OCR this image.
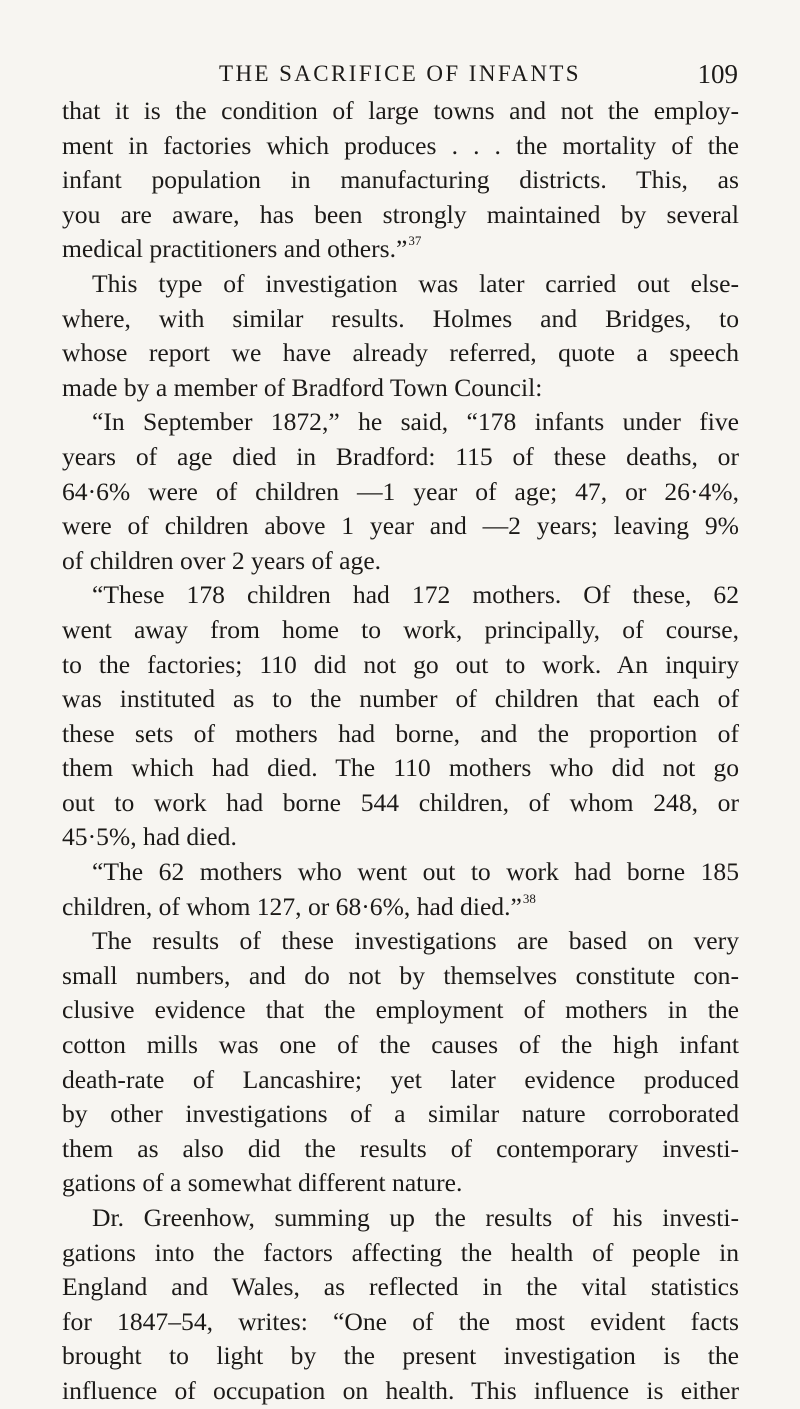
THE SACRIFICE OF INFANTS	109
that it is the condition of large towns and not the employ-
ment in factories which produces . . . the mortality of the
infant population in manufacturing districts. This, as
you are aware, has been strongly maintained by several
medical practitioners and others.”$^{37}$
This type of investigation was later carried out else-
where, with similar results. Holmes and Bridges, to
whose report we have already referred, quote a speech
made by a member of Bradford Town Council:
“In September 1872,” he said, “178 infants under five
years of age died in Bradford: 115 of these deaths, or
64·6% were of children —1 year of age; 47, or 26·4%,
were of children above 1 year and —2 years; leaving 9%
of children over 2 years of age.
“These 178 children had 172 mothers. Of these, 62
went away from home to work, principally, of course,
to the factories; 110 did not go out to work. An inquiry
was instituted as to the number of children that each of
these sets of mothers had borne, and the proportion of
them which had died. The 110 mothers who did not go
out to work had borne 544 children, of whom 248, or
45·5%, had died.
“The 62 mothers who went out to work had borne 185
children, of whom 127, or 68·6%, had died.”$^{38}$
The results of these investigations are based on very
small numbers, and do not by themselves constitute con-
clusive evidence that the employment of mothers in the
cotton mills was one of the causes of the high infant
death-rate of Lancashire; yet later evidence produced
by other investigations of a similar nature corroborated
them as also did the results of contemporary investi-
gations of a somewhat different nature.
Dr. Greenhow, summing up the results of his investi-
gations into the factors affecting the health of people in
England and Wales, as reflected in the vital statistics
for 1847–54, writes: “One of the most evident facts
brought to light by the present investigation is the
influence of occupation on health. This influence is either
